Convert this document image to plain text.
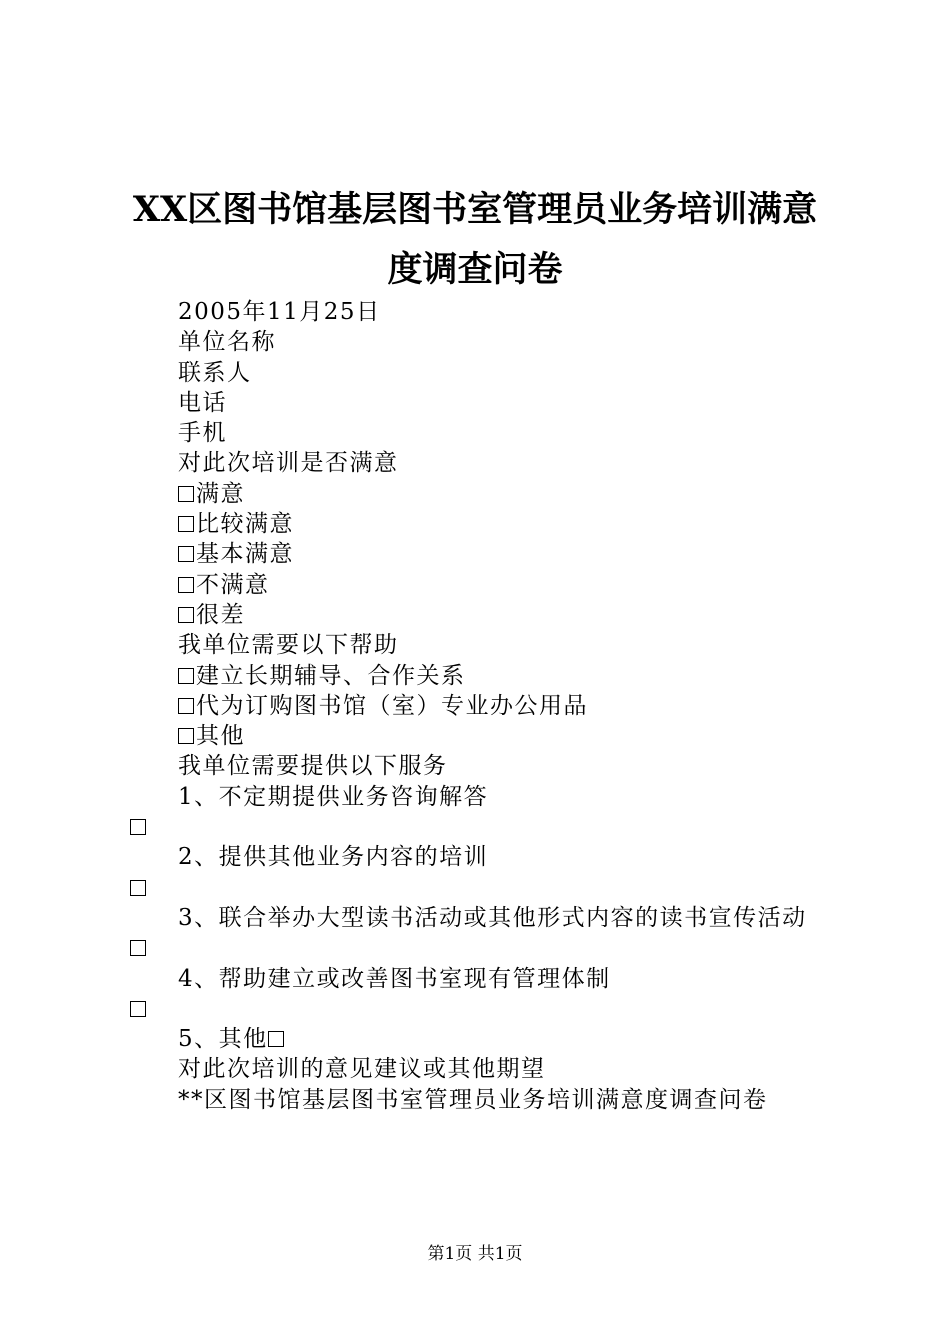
XX区图书馆基层图书室管理员业务培训满意
度调查问卷
2005年11月25日
单位名称
联系人
电话
手机
对此次培训是否满意
满意
比较满意
基本满意
不满意
很差
我单位需要以下帮助
建立长期辅导、合作关系
代为订购图书馆（室）专业办公用品
其他
我单位需要提供以下服务
1、不定期提供业务咨询解答
2、提供其他业务内容的培训
3、联合举办大型读书活动或其他形式内容的读书宣传活动
4、帮助建立或改善图书室现有管理体制
5、其他
对此次培训的意见建议或其他期望
**区图书馆基层图书室管理员业务培训满意度调查问卷
第1页 共1页
